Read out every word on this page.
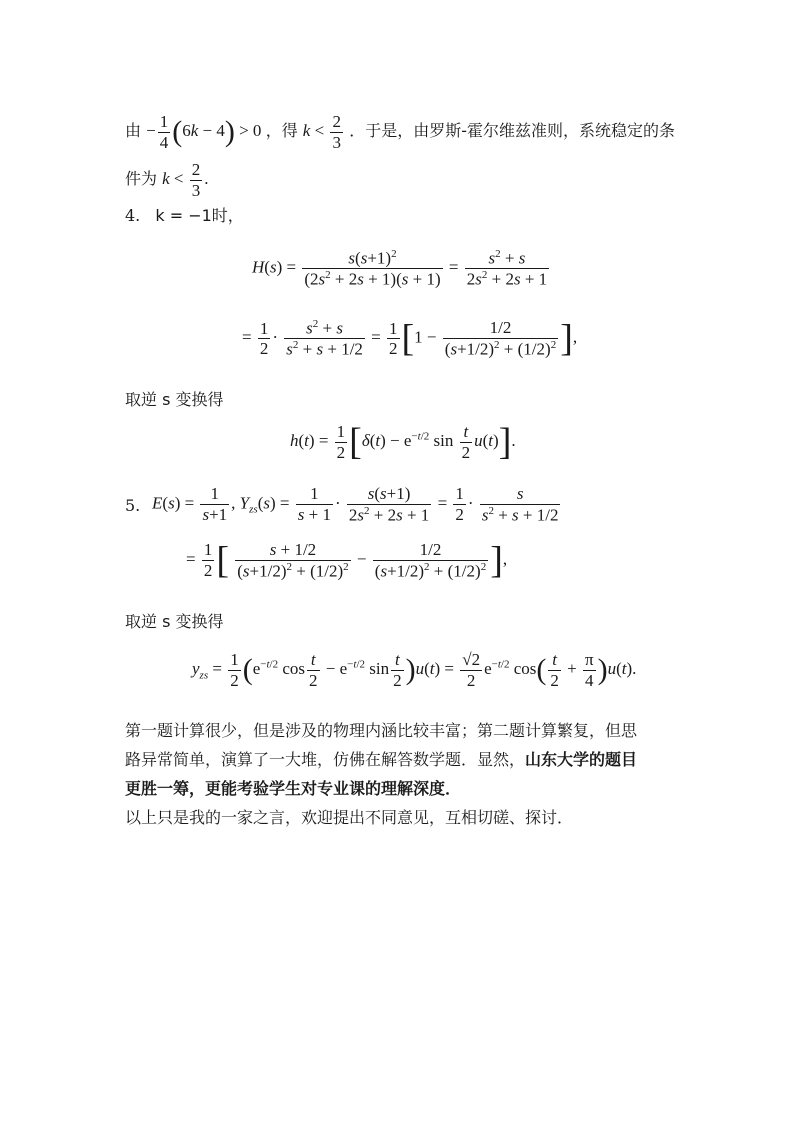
由 − $\frac{1}{4} (6k - 4) > 0$ ，得 $k < \frac{2}{3}$ ．于是，由罗斯-霍尔维兹准则，系统稳定的条
件为 $k < \frac{2}{3}$ .
4. k = −1时，
$H(s) = \frac{s(s+1)^2}{(2s^2 + 2s + 1)(s + 1)} = \frac{s^2 + s}{2s^2 + 2s + 1}$
= $\frac{1}{2} \cdot \frac{s^2 + s}{s^2 + s + 1/2} = \frac{1}{2} [1 - \frac{1/2}{(s+1/2)^2 + (1/2)^2}$ ],
取逆 s 变换得
$h(t) = \frac{1}{2} [\delta(t) - e^{-t/2}$ $\sin \frac{t}{2} u(t)$].
5. $E(s) = \frac{1}{s+1}$ , $Y_{zs}(s) = \frac{1}{s + 1} \cdot \frac{s(s+1)}{2s^2 + 2s + 1} = \frac{1}{2} \cdot \frac{s}{s^2 + s + 1/2}$
= $\frac{1}{2}$ [ $\frac{s + 1/2}{(s+1/2)^2 + (1/2)^2} - \frac{1/2}{(s+1/2)^2 + (1/2)^2}$ ],
取逆 s 变换得
$y_{zs} = \frac{1}{2} (e^{-t/2}$ $\cos \frac{t}{2} - e^{-t/2}$ $\sin \frac{t}{2} )u(t) = \frac{√2}{2} e^{-t/2}$ $\cos( \frac{t}{2} + \frac{\pi}{4} )u(t)$.
第一题计算很少，但是涉及的物理内涵比较丰富；第二题计算繁复，但思
路异常简单，演算了一大堆，仿佛在解答数学题．显然，山东大学的题目
更胜一筹，更能考验学生对专业课的理解深度．
以上只是我的一家之言，欢迎提出不同意见，互相切磋、探讨．
